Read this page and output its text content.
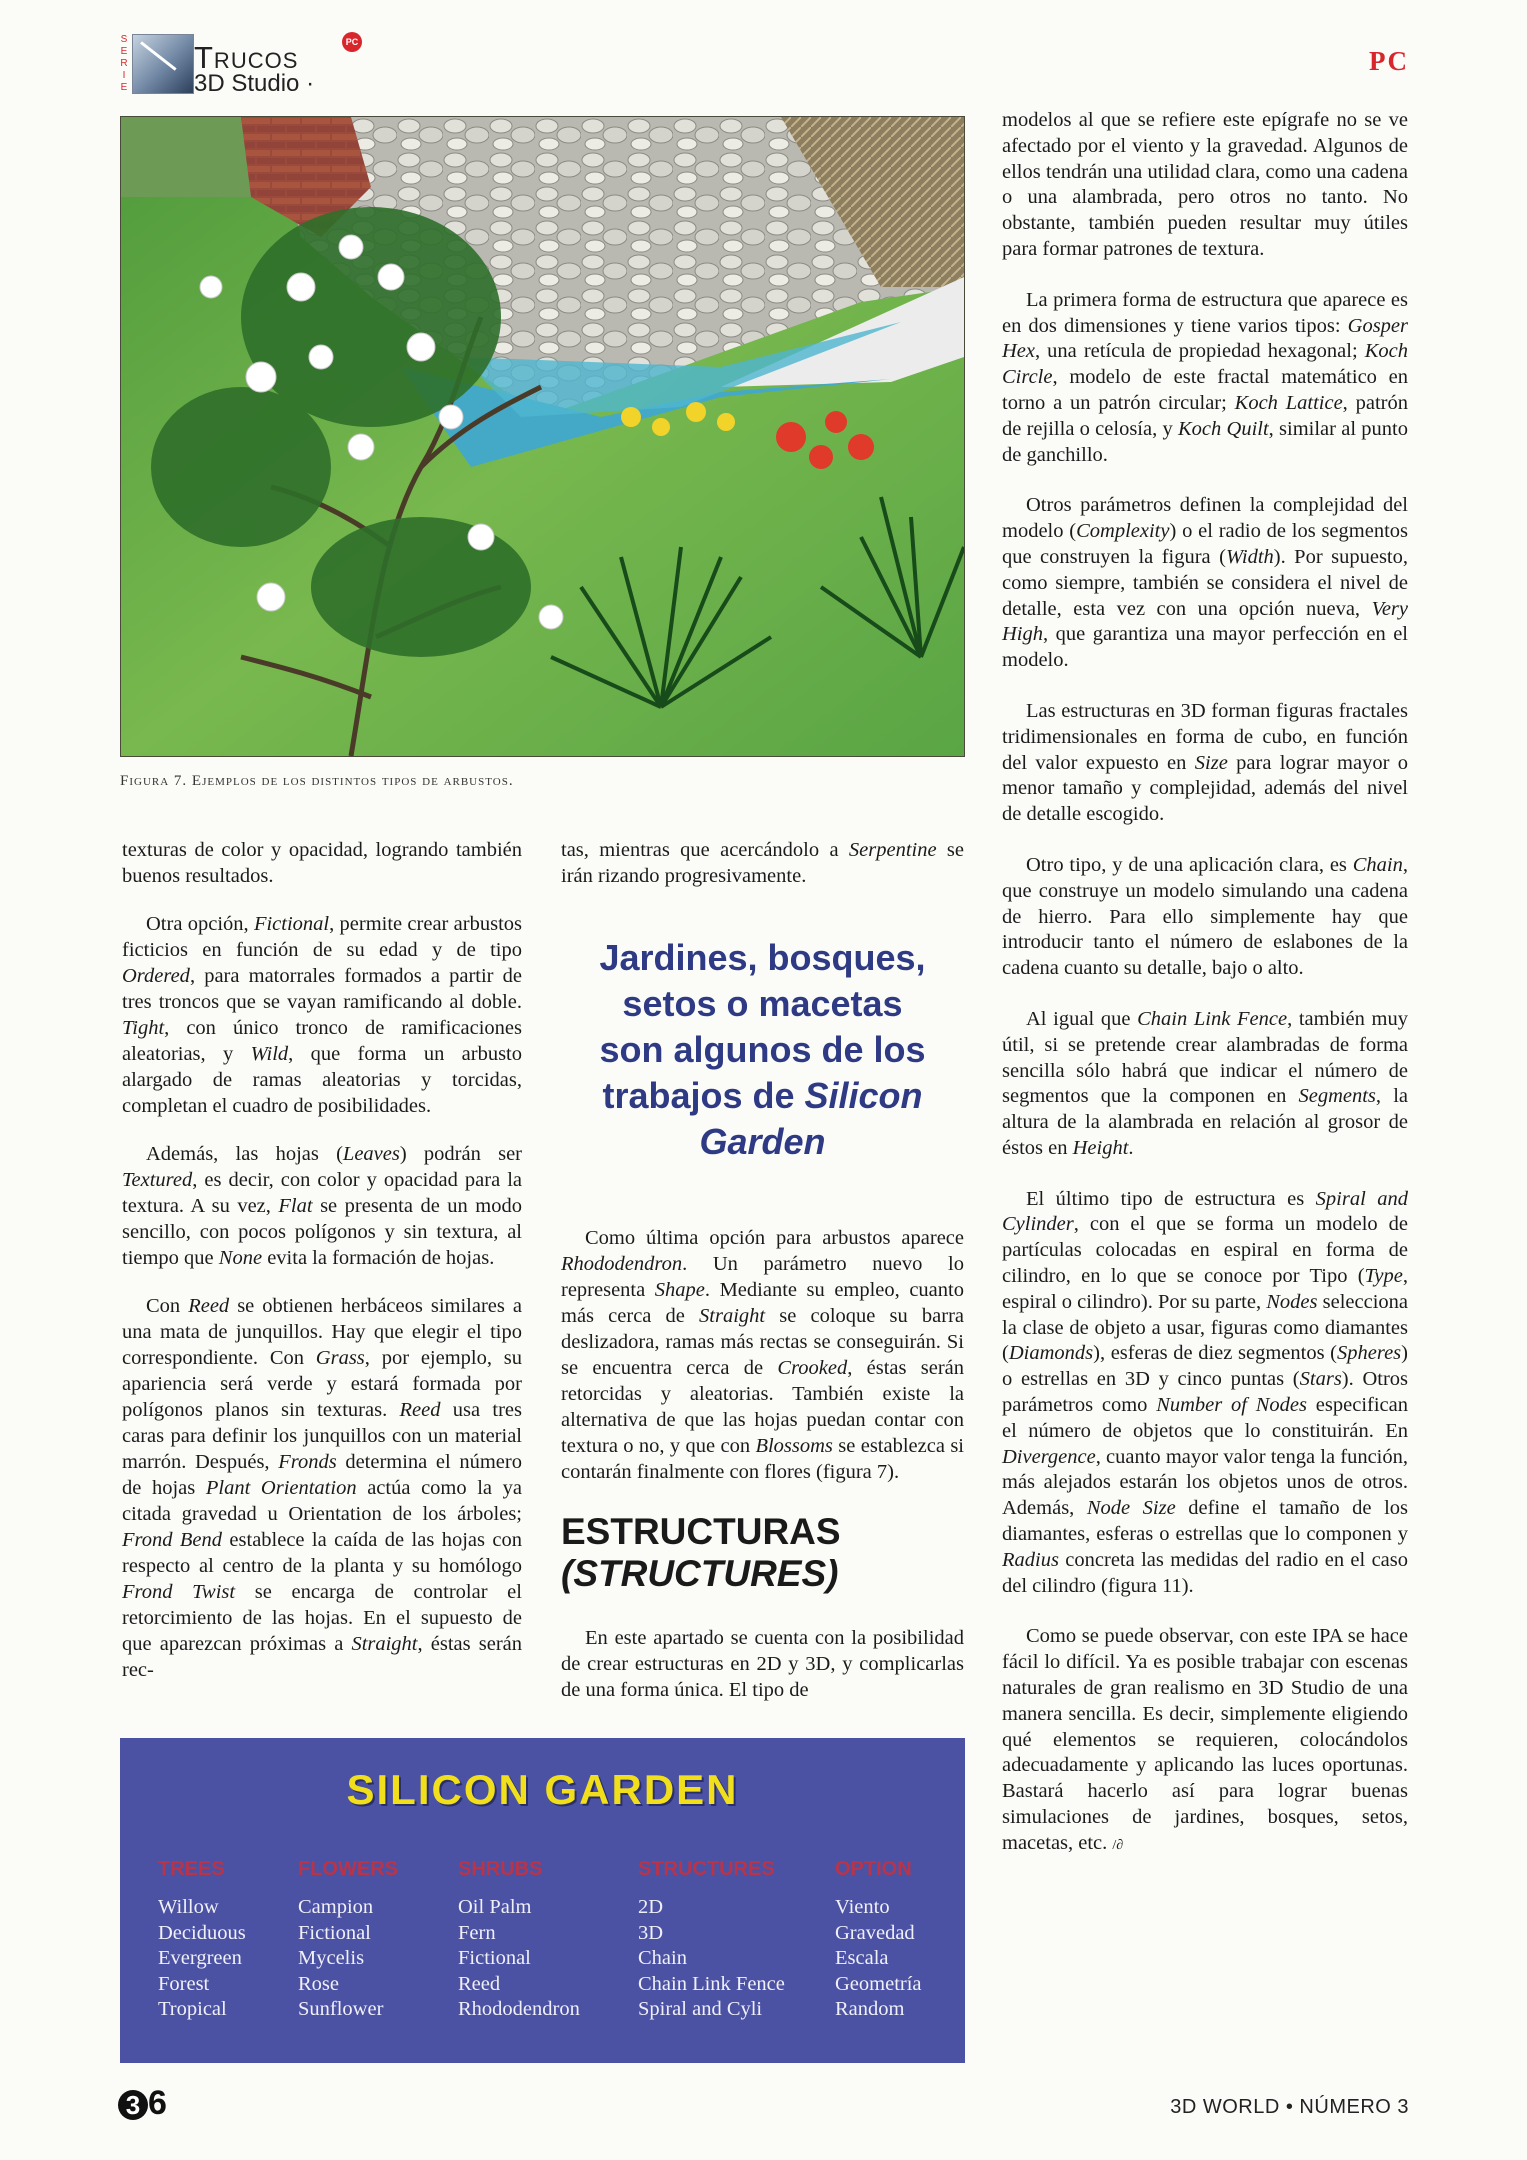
S
E
R
I
E
Trucos
3D Studio ·
PC
PC
Figura 7. Ejemplos de los distintos tipos de arbustos.

texturas de color y opacidad, logrando también buenos resultados.

Otra opción, Fictional, permite crear arbustos ficticios en función de su edad y de tipo Ordered, para matorrales formados a partir de tres troncos que se vayan ramificando al doble. Tight, con único tronco de ramificaciones aleatorias, y Wild, que forma un arbusto alargado de ramas aleatorias y torcidas, completan el cuadro de posibilidades.

Además, las hojas (Leaves) podrán ser Textured, es decir, con color y opacidad para la textura. A su vez, Flat se presenta de un modo sencillo, con pocos polígonos y sin textura, al tiempo que None evita la formación de hojas.

Con Reed se obtienen herbáceos similares a una mata de junquillos. Hay que elegir el tipo correspondiente. Con Grass, por ejemplo, su apariencia será verde y estará formada por polígonos planos sin texturas. Reed usa tres caras para definir los junquillos con un material marrón. Después, Fronds determina el número de hojas Plant Orientation actúa como la ya citada gravedad u Orientation de los árboles; Frond Bend establece la caída de las hojas con respecto al centro de la planta y su homólogo Frond Twist se encarga de controlar el retorcimiento de las hojas. En el supuesto de que aparezcan próximas a Straight, éstas serán rec-

tas, mientras que acercándolo a Serpentine se irán rizando progresivamente.

Jardines, bosques,
setos o macetas
son algunos de los
trabajos de Silicon
Garden

Como última opción para arbustos aparece Rhododendron. Un parámetro nuevo lo representa Shape. Mediante su empleo, cuanto más cerca de Straight se coloque su barra deslizadora, ramas más rectas se conseguirán. Si se encuentra cerca de Crooked, éstas serán retorcidas y aleatorias. También existe la alternativa de que las hojas puedan contar con textura o no, y que con Blossoms se establezca si contarán finalmente con flores (figura 7).

ESTRUCTURAS
(STRUCTURES)

En este apartado se cuenta con la posibilidad de crear estructuras en 2D y 3D, y complicarlas de una forma única. El tipo de

modelos al que se refiere este epígrafe no se ve afectado por el viento y la gravedad. Algunos de ellos tendrán una utilidad clara, como una cadena o una alambrada, pero otros no tanto. No obstante, también pueden resultar muy útiles para formar patrones de textura.

La primera forma de estructura que aparece es en dos dimensiones y tiene varios tipos: Gosper Hex, una retícula de propiedad hexagonal; Koch Circle, modelo de este fractal matemático en torno a un patrón circular; Koch Lattice, patrón de rejilla o celosía, y Koch Quilt, similar al punto de ganchillo.

Otros parámetros definen la complejidad del modelo (Complexity) o el radio de los segmentos que construyen la figura (Width). Por supuesto, como siempre, también se considera el nivel de detalle, esta vez con una opción nueva, Very High, que garantiza una mayor perfección en el modelo.

Las estructuras en 3D forman figuras fractales tridimensionales en forma de cubo, en función del valor expuesto en Size para lograr mayor o menor tamaño y complejidad, además del nivel de detalle escogido.

Otro tipo, y de una aplicación clara, es Chain, que construye un modelo simulando una cadena de hierro. Para ello simplemente hay que introducir tanto el número de eslabones de la cadena cuanto su detalle, bajo o alto.

Al igual que Chain Link Fence, también muy útil, si se pretende crear alambradas de forma sencilla sólo habrá que indicar el número de segmentos que la componen en Segments, la altura de la alambrada en relación al grosor de éstos en Height.

El último tipo de estructura es Spiral and Cylinder, con el que se forma un modelo de partículas colocadas en espiral en forma de cilindro, en lo que se conoce por Tipo (Type, espiral o cilindro). Por su parte, Nodes selecciona la clase de objeto a usar, figuras como diamantes (Diamonds), esferas de diez segmentos (Spheres) o estrellas en 3D y cinco puntas (Stars). Otros parámetros como Number of Nodes especifican el número de objetos que lo constituirán. En Divergence, cuanto mayor valor tenga la función, más alejados estarán los objetos unos de otros. Además, Node Size define el tamaño de los diamantes, esferas o estrellas que lo componen y Radius concreta las medidas del radio en el caso del cilindro (figura 11).

Como se puede observar, con este IPA se hace fácil lo difícil. Ya es posible trabajar con escenas naturales de gran realismo en 3D Studio de una manera sencilla. Es decir, simplemente eligiendo qué elementos se requieren, colocándolos adecuadamente y aplicando las luces oportunas. Bastará hacerlo así para lograr buenas simulaciones de jardines, bosques, setos, macetas, etc. /∂

SILICON GARDEN
TREES
Willow
Deciduous
Evergreen
Forest
Tropical
FLOWERS
Campion
Fictional
Mycelis
Rose
Sunflower
SHRUBS
Oil Palm
Fern
Fictional
Reed
Rhododendron
STRUCTURES
2D
3D
Chain
Chain Link Fence
Spiral and Cyli
OPTION
Viento
Gravedad
Escala
Geometría
Random
3 6	3D WORLD • NÚMERO 3
